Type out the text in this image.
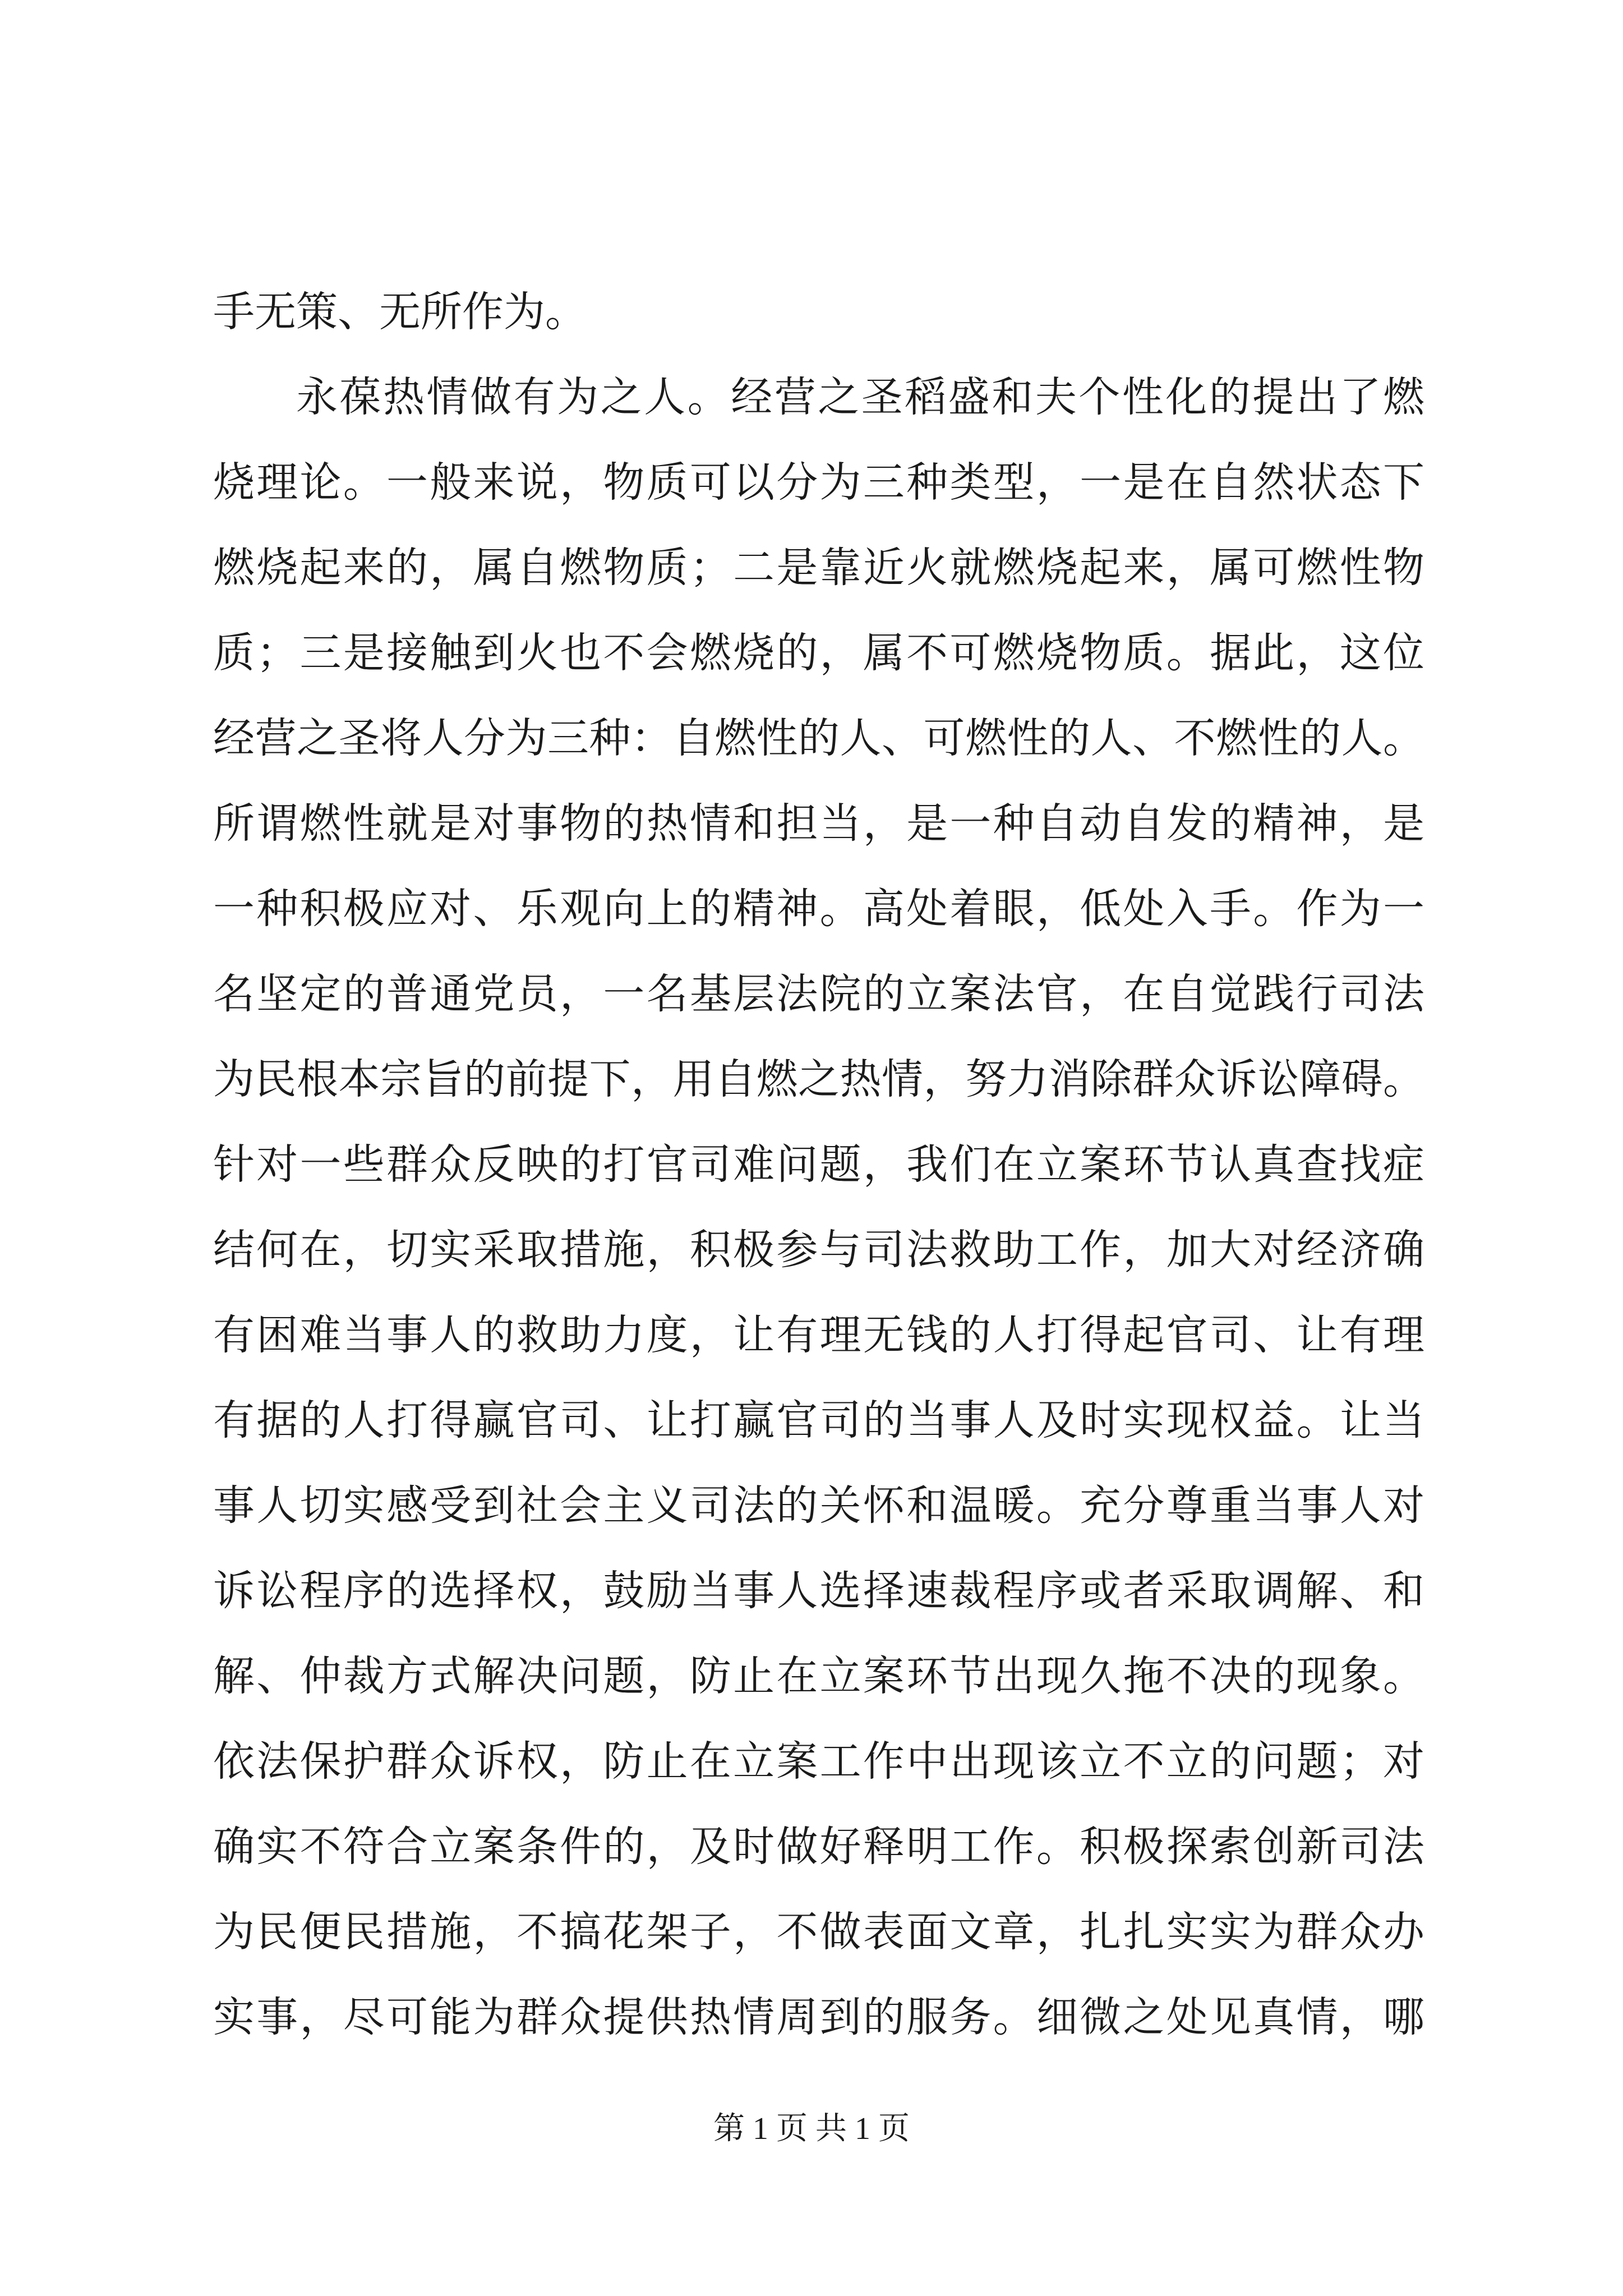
手无策、无所作为。
永葆热情做有为之人。经营之圣稻盛和夫个性化的提出了燃
烧理论。一般来说，物质可以分为三种类型，一是在自然状态下
燃烧起来的，属自燃物质；二是靠近火就燃烧起来，属可燃性物
质；三是接触到火也不会燃烧的，属不可燃烧物质。据此，这位
经营之圣将人分为三种：自燃性的人、可燃性的人、不燃性的人。
所谓燃性就是对事物的热情和担当，是一种自动自发的精神，是
一种积极应对、乐观向上的精神。高处着眼，低处入手。作为一
名坚定的普通党员，一名基层法院的立案法官，在自觉践行司法
为民根本宗旨的前提下，用自燃之热情，努力消除群众诉讼障碍。
针对一些群众反映的打官司难问题，我们在立案环节认真查找症
结何在，切实采取措施，积极参与司法救助工作，加大对经济确
有困难当事人的救助力度，让有理无钱的人打得起官司、让有理
有据的人打得赢官司、让打赢官司的当事人及时实现权益。让当
事人切实感受到社会主义司法的关怀和温暖。充分尊重当事人对
诉讼程序的选择权，鼓励当事人选择速裁程序或者采取调解、和
解、仲裁方式解决问题，防止在立案环节出现久拖不决的现象。
依法保护群众诉权，防止在立案工作中出现该立不立的问题；对
确实不符合立案条件的，及时做好释明工作。积极探索创新司法
为民便民措施，不搞花架子，不做表面文章，扎扎实实为群众办
实事，尽可能为群众提供热情周到的服务。细微之处见真情，哪
第 1 页 共 1 页
